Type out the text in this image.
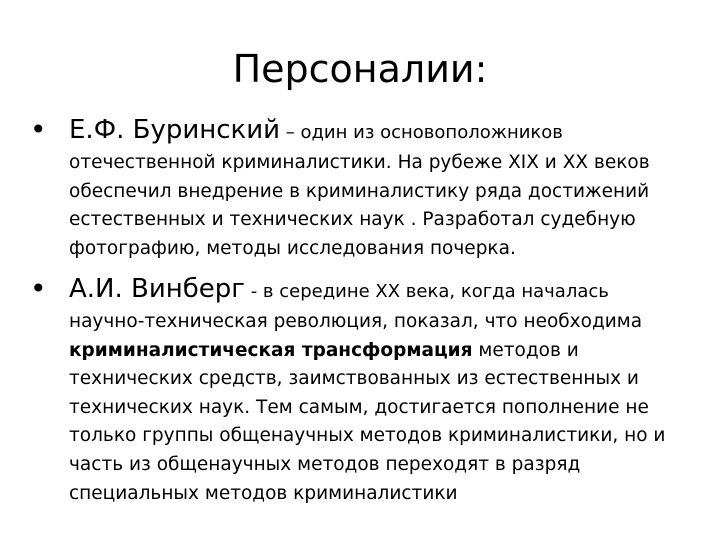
Персоналии:
• Е.Ф. Буринский – один из основоположников

отечественной криминалистики. На рубеже XIX и XX веков
обеспечил внедрение в криминалистику ряда достижений
естественных и технических наук . Разработал судебную
фотографию, методы исследования почерка.

• А.И. Винберг - в середине XX века, когда началась

научно-техническая революция, показал, что необходима
криминалистическая трансформация методов и
технических средств, заимствованных из естественных и
технических наук. Тем самым, достигается пополнение не
только группы общенаучных методов криминалистики, но и
часть из общенаучных методов переходят в разряд
специальных методов криминалистики
